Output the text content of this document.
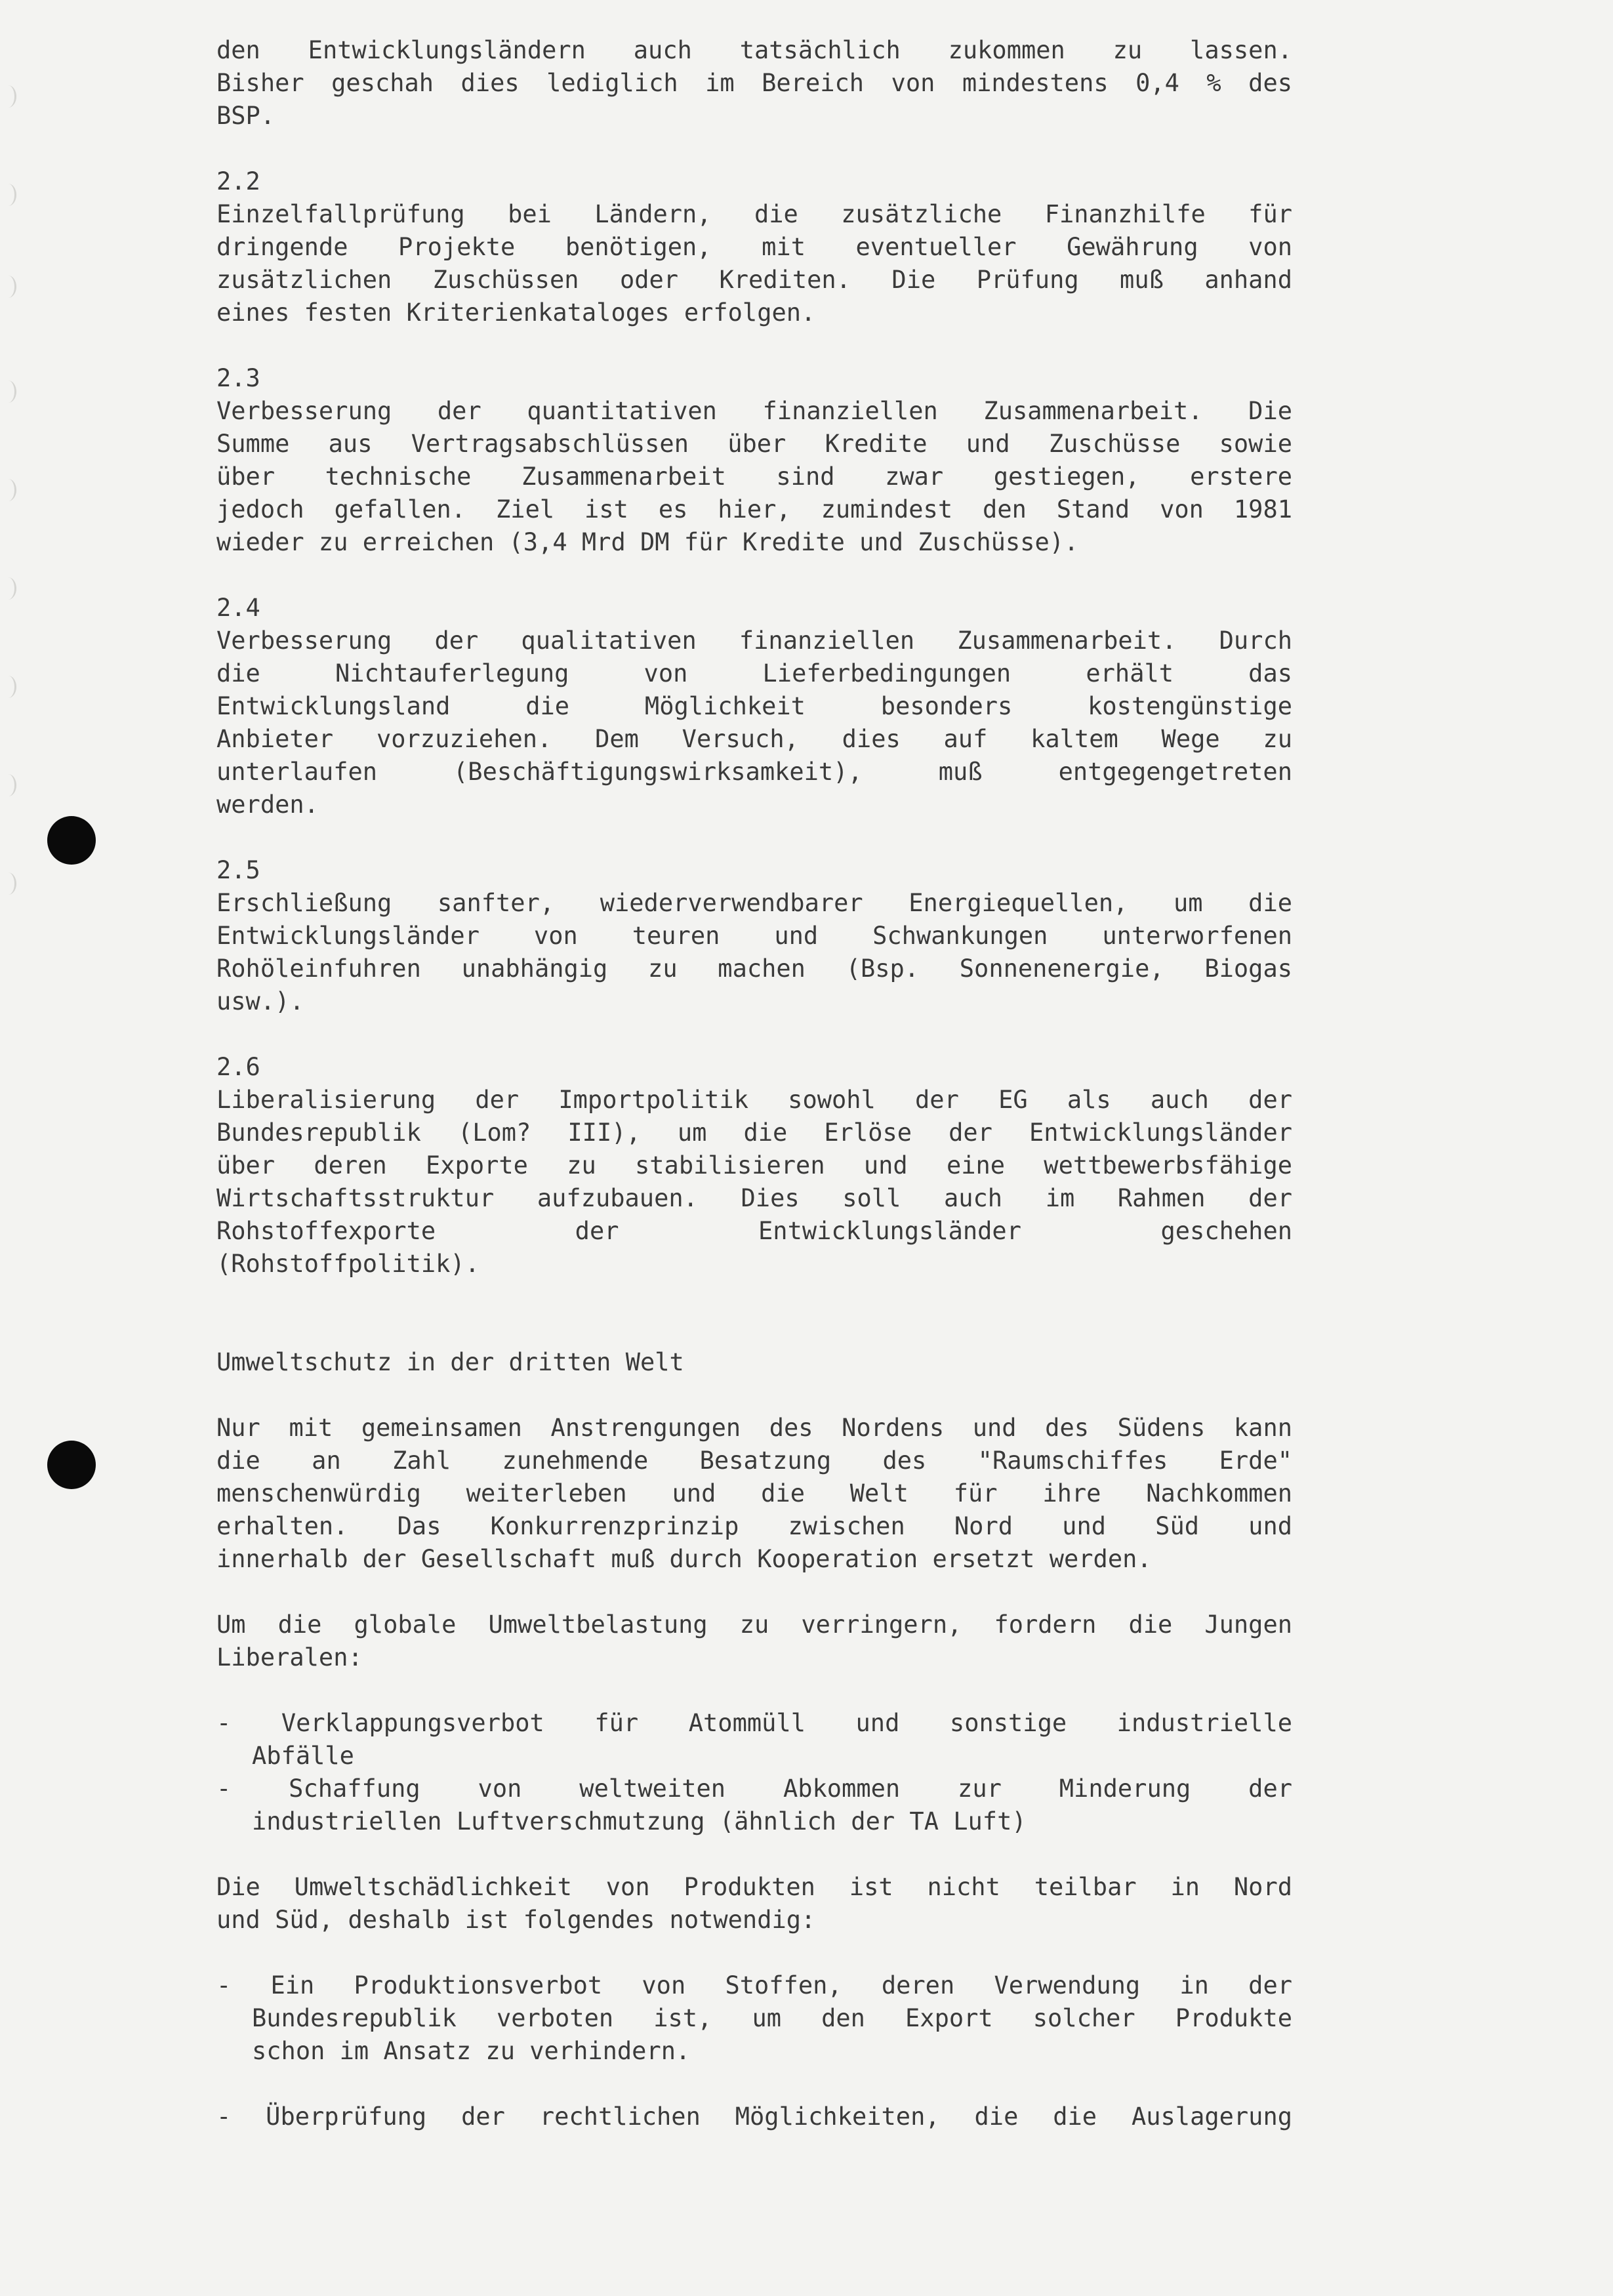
den Entwicklungsländern auch tatsächlich zukommen zu lassen.
Bisher geschah dies lediglich im Bereich von mindestens 0,4 % des
BSP.
2.2
Einzelfallprüfung bei Ländern, die zusätzliche Finanzhilfe für
dringende Projekte benötigen, mit eventueller Gewährung von
zusätzlichen Zuschüssen oder Krediten. Die Prüfung muß anhand
eines festen Kriterienkataloges erfolgen.
2.3
Verbesserung der quantitativen finanziellen Zusammenarbeit. Die
Summe aus Vertragsabschlüssen über Kredite und Zuschüsse sowie
über technische Zusammenarbeit sind zwar gestiegen, erstere
jedoch gefallen. Ziel ist es hier, zumindest den Stand von 1981
wieder zu erreichen (3,4 Mrd DM für Kredite und Zuschüsse).
2.4
Verbesserung der qualitativen finanziellen Zusammenarbeit. Durch
die Nichtauferlegung von Lieferbedingungen erhält das
Entwicklungsland die Möglichkeit besonders kostengünstige
Anbieter vorzuziehen. Dem Versuch, dies auf kaltem Wege zu
unterlaufen (Beschäftigungswirksamkeit), muß entgegengetreten
werden.
2.5
Erschließung sanfter, wiederverwendbarer Energiequellen, um die
Entwicklungsländer von teuren und Schwankungen unterworfenen
Rohöleinfuhren unabhängig zu machen (Bsp. Sonnenenergie, Biogas
usw.).
2.6
Liberalisierung der Importpolitik sowohl der EG als auch der
Bundesrepublik (Lom? III), um die Erlöse der Entwicklungsländer
über deren Exporte zu stabilisieren und eine wettbewerbsfähige
Wirtschaftsstruktur aufzubauen. Dies soll auch im Rahmen der
Rohstoffexporte der Entwicklungsländer geschehen
(Rohstoffpolitik).
Umweltschutz in der dritten Welt
Nur mit gemeinsamen Anstrengungen des Nordens und des Südens kann
die an Zahl zunehmende Besatzung des "Raumschiffes Erde"
menschenwürdig weiterleben und die Welt für ihre Nachkommen
erhalten. Das Konkurrenzprinzip zwischen Nord und Süd und
innerhalb der Gesellschaft muß durch Kooperation ersetzt werden.
Um die globale Umweltbelastung zu verringern, fordern die Jungen
Liberalen:
- Verklappungsverbot für Atommüll und sonstige industrielle
Abfälle
- Schaffung von weltweiten Abkommen zur Minderung der
industriellen Luftverschmutzung (ähnlich der TA Luft)
Die Umweltschädlichkeit von Produkten ist nicht teilbar in Nord
und Süd, deshalb ist folgendes notwendig:
- Ein Produktionsverbot von Stoffen, deren Verwendung in der
Bundesrepublik verboten ist, um den Export solcher Produkte
schon im Ansatz zu verhindern.
- Überprüfung der rechtlichen Möglichkeiten, die die Auslagerung
